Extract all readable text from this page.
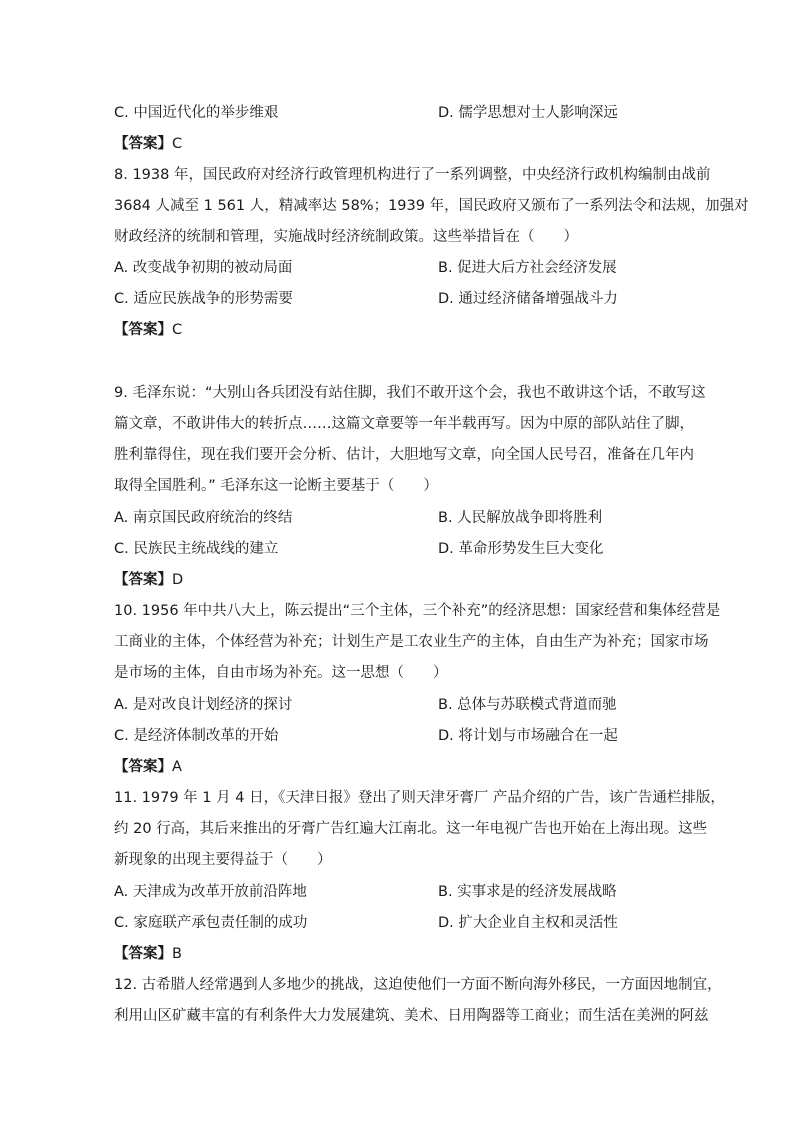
C. 中国近代化的举步维艰	D. 儒学思想对士人影响深远
【答案】C
8. 1938 年，国民政府对经济行政管理机构进行了一系列调整，中央经济行政机构编制由战前
3684 人减至 1 561 人，精减率达 58%；1939 年，国民政府又颁布了一系列法令和法规，加强对
财政经济的统制和管理，实施战时经济统制政策。这些举措旨在（　　）
A. 改变战争初期的被动局面	B. 促进大后方社会经济发展
C. 适应民族战争的形势需要	D. 通过经济储备增强战斗力
【答案】C
9. 毛泽东说：“大别山各兵团没有站住脚，我们不敢开这个会，我也不敢讲这个话，不敢写这
篇文章，不敢讲伟大的转折点……这篇文章要等一年半载再写。因为中原的部队站住了脚，
胜利靠得住，现在我们要开会分析、估计，大胆地写文章，向全国人民号召，准备在几年内
取得全国胜利。” 毛泽东这一论断主要基于（　　）
A. 南京国民政府统治的终结	B. 人民解放战争即将胜利
C. 民族民主统战线的建立	D. 革命形势发生巨大变化
【答案】D
10. 1956 年中共八大上，陈云提出“三个主体，三个补充”的经济思想：国家经营和集体经营是
工商业的主体，个体经营为补充；计划生产是工农业生产的主体，自由生产为补充；国家市场
是市场的主体，自由市场为补充。这一思想（　　）
A. 是对改良计划经济的探讨	B. 总体与苏联模式背道而驰
C. 是经济体制改革的开始	D. 将计划与市场融合在一起
【答案】A
11. 1979 年 1 月 4 日，《天津日报》登出了则天津牙膏厂 产品介绍的广告，该广告通栏排版，
约 20 行高，其后来推出的牙膏广告红遍大江南北。这一年电视广告也开始在上海出现。这些
新现象的出现主要得益于（　　）
A. 天津成为改革开放前沿阵地	B. 实事求是的经济发展战略
C. 家庭联产承包责任制的成功	D. 扩大企业自主权和灵活性
【答案】B
12. 古希腊人经常遇到人多地少的挑战，这迫使他们一方面不断向海外移民，一方面因地制宜，
利用山区矿藏丰富的有利条件大力发展建筑、美术、日用陶器等工商业；而生活在美洲的阿兹
